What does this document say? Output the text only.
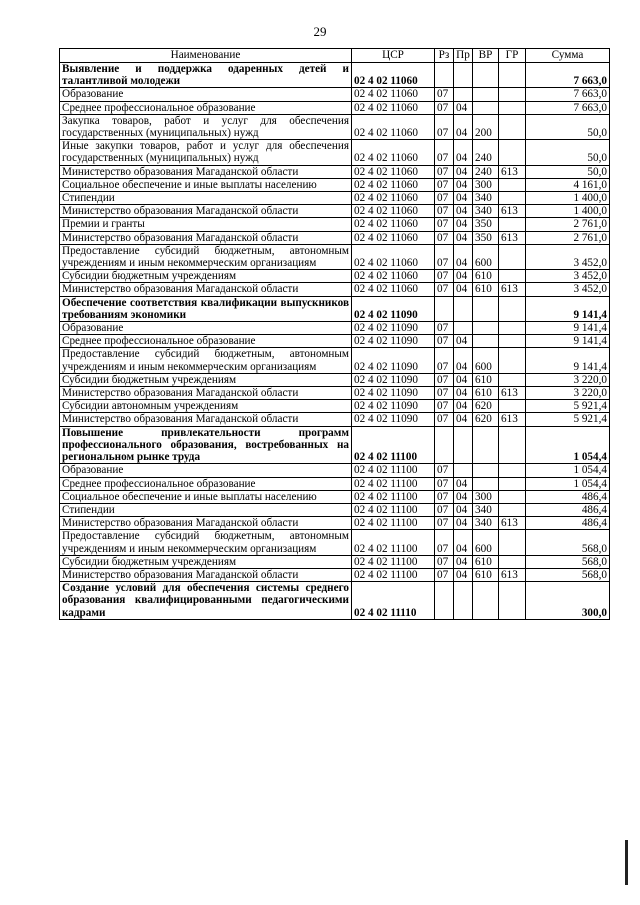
29
Наименование	ЦСР	Рз	Пр	ВР	ГР	Сумма
Выявление и поддержка одаренных детей и талантливой молодежи	02 4 02 11060					7 663,0
Образование	02 4 02 11060	07				7 663,0
Среднее профессиональное образование	02 4 02 11060	07	04			7 663,0
Закупка товаров, работ и услуг для обеспечения государственных (муниципальных) нужд	02 4 02 11060	07	04	200		50,0
Иные закупки товаров, работ и услуг для обеспечения государственных (муниципальных) нужд	02 4 02 11060	07	04	240		50,0
Министерство образования Магаданской области	02 4 02 11060	07	04	240	613	50,0
Социальное обеспечение и иные выплаты населению	02 4 02 11060	07	04	300		4 161,0
Стипендии	02 4 02 11060	07	04	340		1 400,0
Министерство образования Магаданской области	02 4 02 11060	07	04	340	613	1 400,0
Премии и гранты	02 4 02 11060	07	04	350		2 761,0
Министерство образования Магаданской области	02 4 02 11060	07	04	350	613	2 761,0
Предоставление субсидий бюджетным, автономным учреждениям и иным некоммерческим организациям	02 4 02 11060	07	04	600		3 452,0
Субсидии бюджетным учреждениям	02 4 02 11060	07	04	610		3 452,0
Министерство образования Магаданской области	02 4 02 11060	07	04	610	613	3 452,0
Обеспечение соответствия квалификации выпускников требованиям экономики	02 4 02 11090					9 141,4
Образование	02 4 02 11090	07				9 141,4
Среднее профессиональное образование	02 4 02 11090	07	04			9 141,4
Предоставление субсидий бюджетным, автономным учреждениям и иным некоммерческим организациям	02 4 02 11090	07	04	600		9 141,4
Субсидии бюджетным учреждениям	02 4 02 11090	07	04	610		3 220,0
Министерство образования Магаданской области	02 4 02 11090	07	04	610	613	3 220,0
Субсидии автономным учреждениям	02 4 02 11090	07	04	620		5 921,4
Министерство образования Магаданской области	02 4 02 11090	07	04	620	613	5 921,4
Повышение привлекательности программ профессионального образования, востребованных на региональном рынке труда	02 4 02 11100					1 054,4
Образование	02 4 02 11100	07				1 054,4
Среднее профессиональное образование	02 4 02 11100	07	04			1 054,4
Социальное обеспечение и иные выплаты населению	02 4 02 11100	07	04	300		486,4
Стипендии	02 4 02 11100	07	04	340		486,4
Министерство образования Магаданской области	02 4 02 11100	07	04	340	613	486,4
Предоставление субсидий бюджетным, автономным учреждениям и иным некоммерческим организациям	02 4 02 11100	07	04	600		568,0
Субсидии бюджетным учреждениям	02 4 02 11100	07	04	610		568,0
Министерство образования Магаданской области	02 4 02 11100	07	04	610	613	568,0
Создание условий для обеспечения системы среднего образования квалифицированными педагогическими кадрами	02 4 02 11110					300,0
